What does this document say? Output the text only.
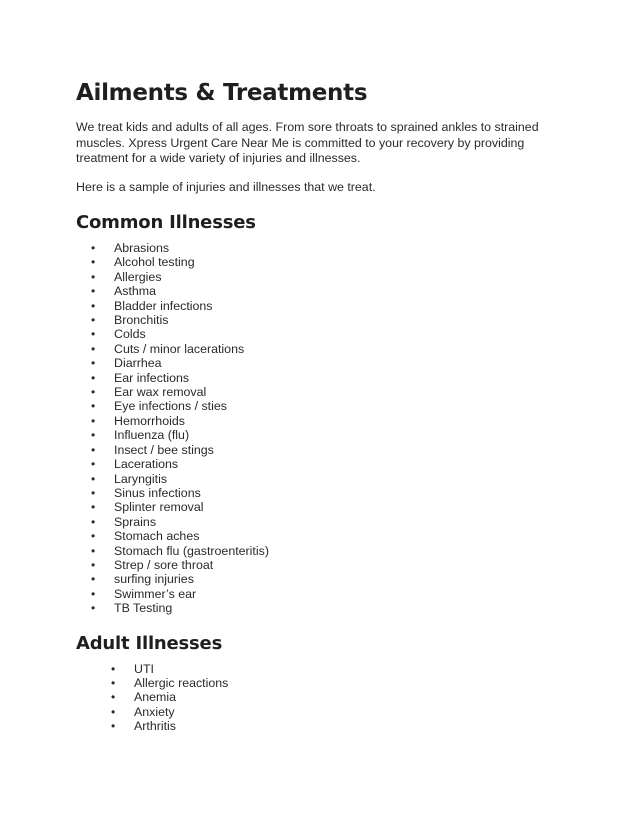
Ailments & Treatments

We treat kids and adults of all ages. From sore throats to sprained ankles to strained muscles. Xpress Urgent Care Near Me is committed to your recovery by providing treatment for a wide variety of injuries and illnesses.

Here is a sample of injuries and illnesses that we treat.

Common Illnesses
• Abrasions
• Alcohol testing
• Allergies
• Asthma
• Bladder infections
• Bronchitis
• Colds
• Cuts / minor lacerations
• Diarrhea
• Ear infections
• Ear wax removal
• Eye infections / sties
• Hemorrhoids
• Influenza (flu)
• Insect / bee stings
• Lacerations
• Laryngitis
• Sinus infections
• Splinter removal
• Sprains
• Stomach aches
• Stomach flu (gastroenteritis)
• Strep / sore throat
• surfing injuries
• Swimmer’s ear
• TB Testing
Adult Illnesses
• UTI
• Allergic reactions
• Anemia
• Anxiety
• Arthritis
